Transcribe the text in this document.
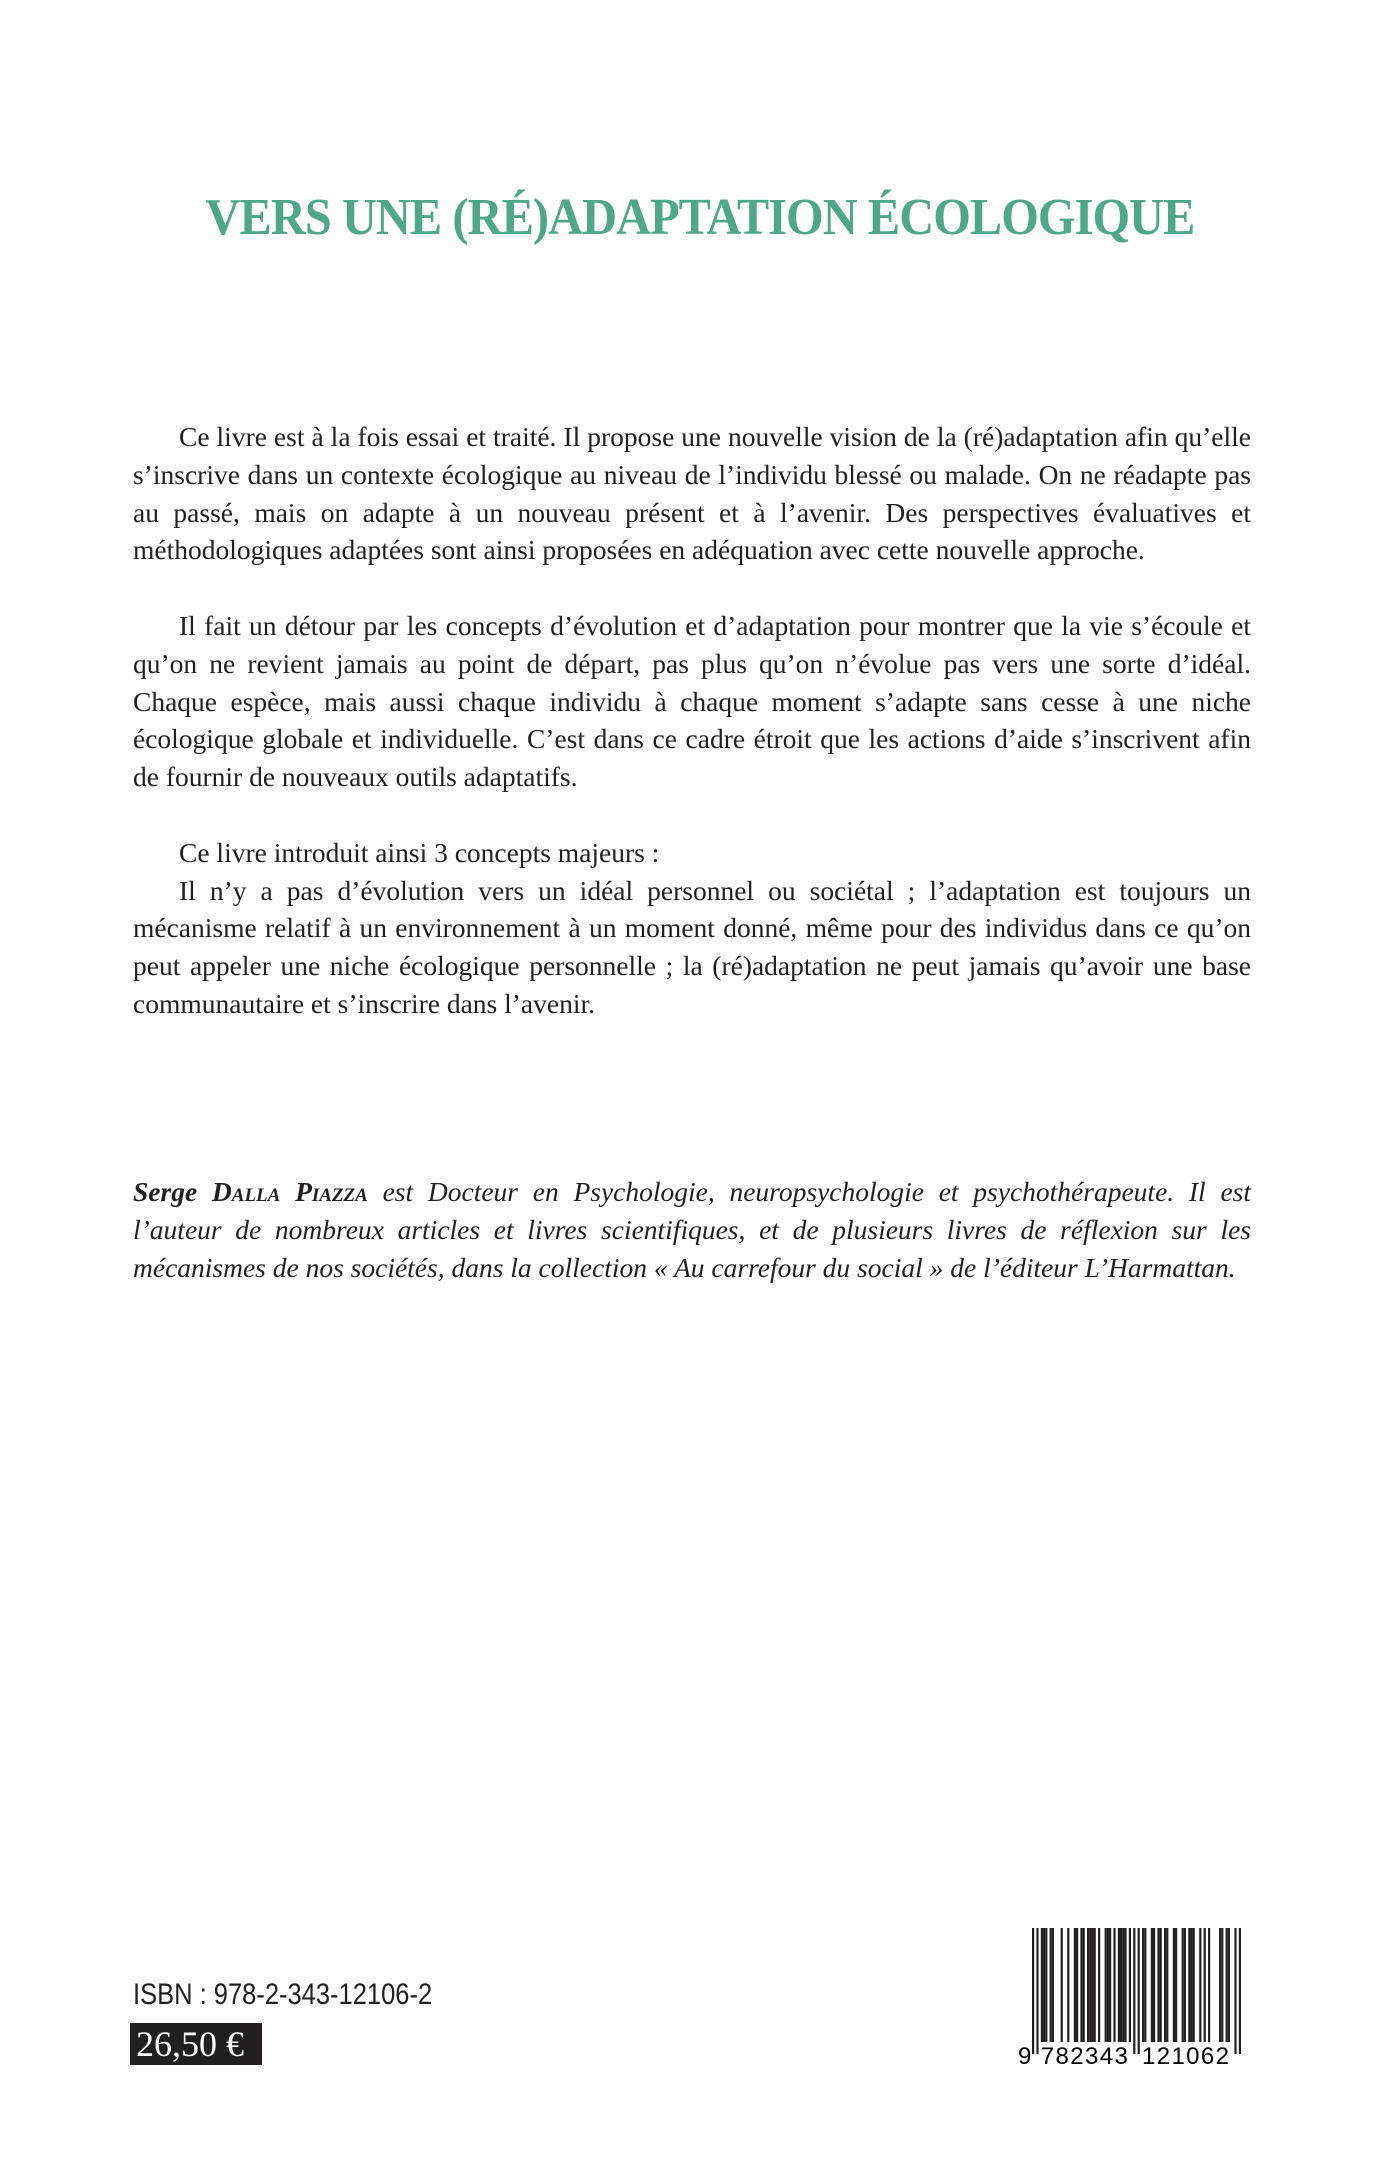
VERS UNE (RÉ)ADAPTATION ÉCOLOGIQUE

Ce livre est à la fois essai et traité. Il propose une nouvelle vision de la (ré)adaptation afin qu’elle s’inscrive dans un contexte écologique au niveau de l’individu blessé ou malade. On ne réadapte pas au passé, mais on adapte à un nouveau présent et à l’avenir. Des perspectives évaluatives et méthodologiques adaptées sont ainsi proposées en adéquation avec cette nouvelle approche.

Il fait un détour par les concepts d’évolution et d’adaptation pour montrer que la vie s’écoule et qu’on ne revient jamais au point de départ, pas plus qu’on n’évolue pas vers une sorte d’idéal. Chaque espèce, mais aussi chaque individu à chaque moment s’adapte sans cesse à une niche écologique globale et individuelle. C’est dans ce cadre étroit que les actions d’aide s’inscrivent afin de fournir de nouveaux outils adaptatifs.

Ce livre introduit ainsi 3 concepts majeurs :

Il n’y a pas d’évolution vers un idéal personnel ou sociétal ; l’adaptation est toujours un mécanisme relatif à un environnement à un moment donné, même pour des individus dans ce qu’on peut appeler une niche écologique personnelle ; la (ré)adaptation ne peut jamais qu’avoir une base communautaire et s’inscrire dans l’avenir.

Serge Dalla Piazza est Docteur en Psychologie, neuropsychologie et psychothérapeute. Il est l’auteur de nombreux articles et livres scientifiques, et de plusieurs livres de réflexion sur les mécanismes de nos sociétés, dans la collection « Au carrefour du social » de l’éditeur L’Harmattan.
ISBN : 978-2-343-12106-2
26,50 €	9 782343 121062
